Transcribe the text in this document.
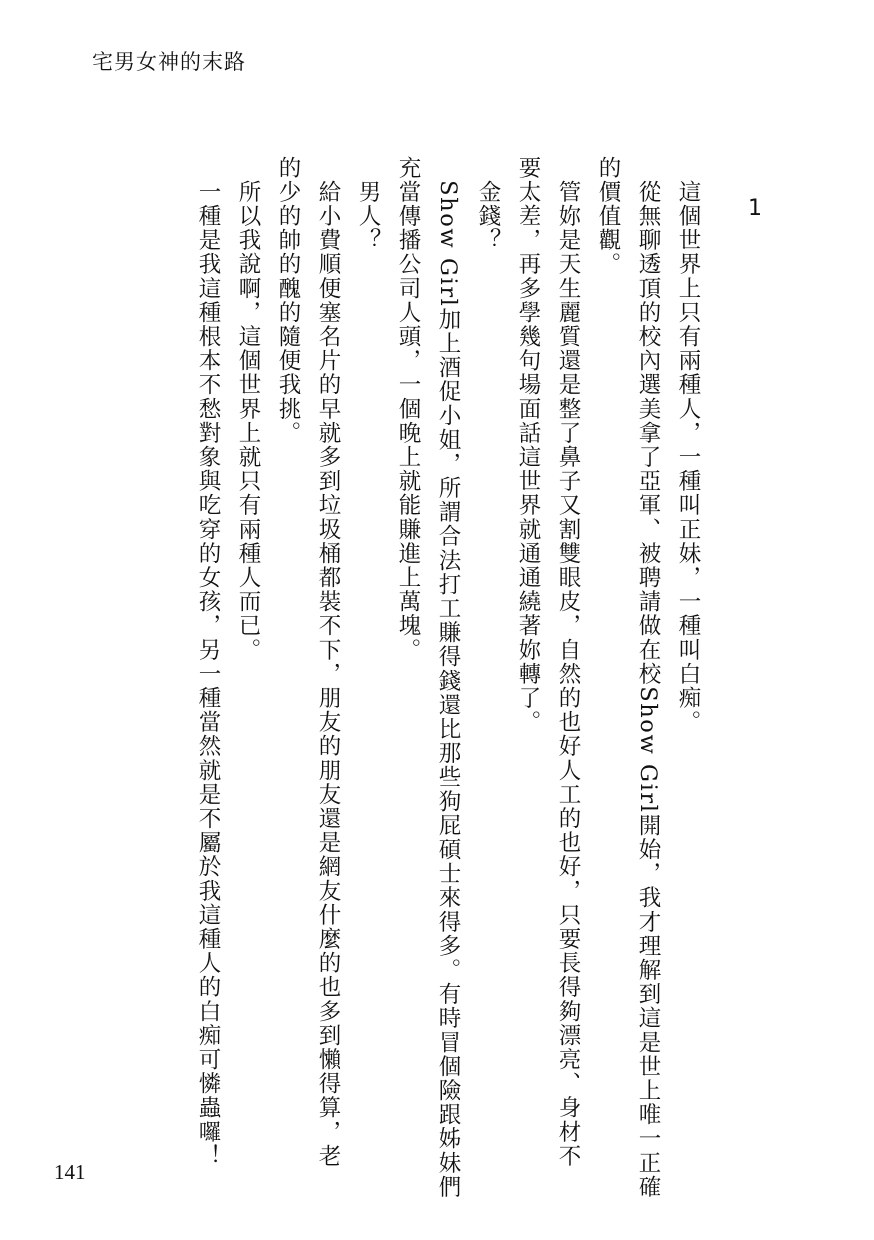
宅男女神的末路
1

　這個世界上只有兩種人，一種叫正妹，一種叫白痴。

　從無聊透頂的校內選美拿了亞軍、被聘請做在校Show Girl開始，我才理解到這是世上唯一正確

的價值觀。

　管妳是天生麗質還是整了鼻子又割雙眼皮，自然的也好人工的也好，只要長得夠漂亮、身材不

要太差，再多學幾句場面話這世界就通通繞著妳轉了。

　金錢？

　Show Girl加上酒促小姐，所謂合法打工賺得錢還比那些狗屁碩士來得多。有時冒個險跟姊妹們

充當傳播公司人頭，一個晚上就能賺進上萬塊。

　男人？

　給小費順便塞名片的早就多到垃圾桶都裝不下，朋友的朋友還是網友什麼的也多到懶得算，老

的少的帥的醜的隨便我挑。

　所以我說啊，這個世界上就只有兩種人而已。

　一種是我這種根本不愁對象與吃穿的女孩，另一種當然就是不屬於我這種人的白痴可憐蟲囉！

141
